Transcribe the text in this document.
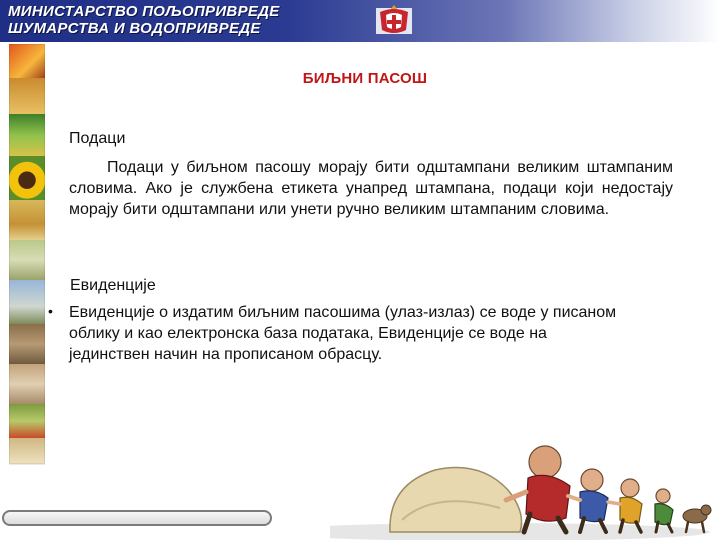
МИНИСТАРСТВО ПОЉОПРИВРЕДЕ
ШУМАРСТВА И ВОДОПРИВРЕДЕ
БИЉНИ ПАСОШ
Подаци
Подаци у биљном пасошу морају бити одштампани великим штампаним словима. Ако је службена етикета унапред штампана, подаци који недостају морају бити одштампани или унети ручно великим штампаним словима.
Евиденције
• Евиденције о издатим биљним пасошима (улаз-излаз) се воде у писаном облику и као електронска база података, Евиденције се воде на јединствен начин на прописаном обрасцу.
